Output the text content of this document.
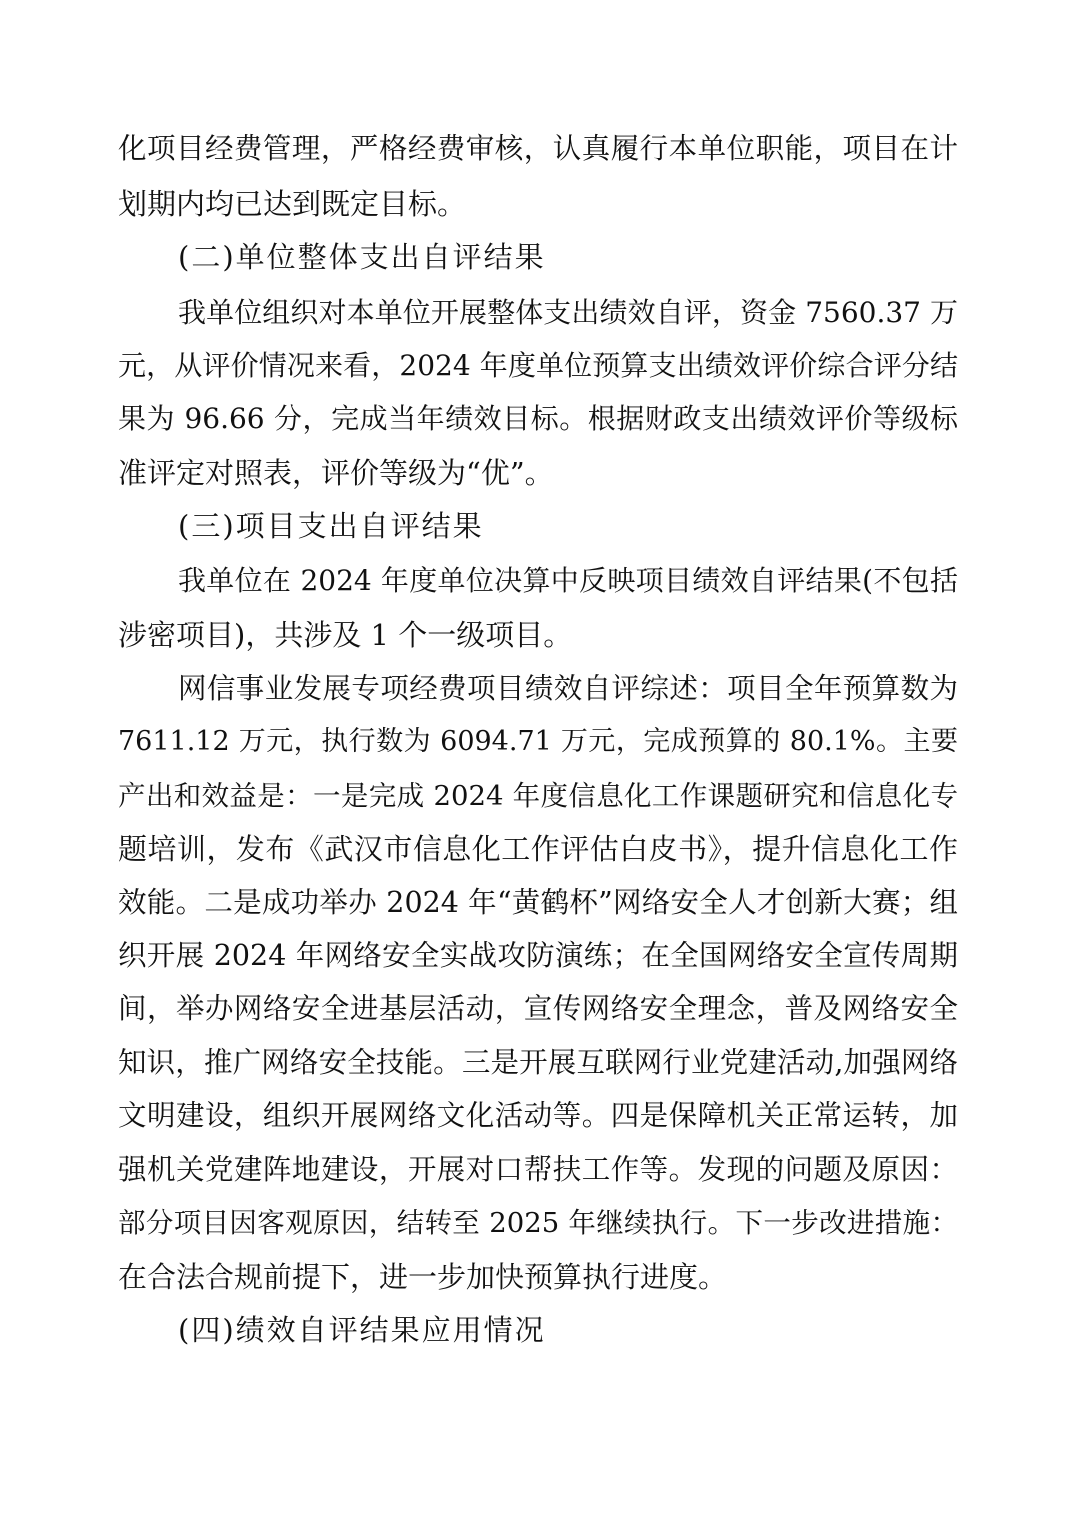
化项目经费管理，严格经费审核，认真履行本单位职能，项目在计
划期内均已达到既定目标。
(二)单位整体支出自评结果
我单位组织对本单位开展整体支出绩效自评，资金 7560.37 万
元，从评价情况来看，2024 年度单位预算支出绩效评价综合评分结
果为 96.66 分，完成当年绩效目标。根据财政支出绩效评价等级标
准评定对照表，评价等级为“优”。
(三)项目支出自评结果
我单位在 2024 年度单位决算中反映项目绩效自评结果(不包括
涉密项目)，共涉及 1 个一级项目。
网信事业发展专项经费项目绩效自评综述：项目全年预算数为
7611.12 万元，执行数为 6094.71 万元，完成预算的 80.1%。主要
产出和效益是：一是完成 2024 年度信息化工作课题研究和信息化专
题培训，发布《武汉市信息化工作评估白皮书》，提升信息化工作
效能。二是成功举办 2024 年“黄鹤杯”网络安全人才创新大赛；组
织开展 2024 年网络安全实战攻防演练；在全国网络安全宣传周期
间，举办网络安全进基层活动，宣传网络安全理念，普及网络安全
知识，推广网络安全技能。三是开展互联网行业党建活动,加强网络
文明建设，组织开展网络文化活动等。四是保障机关正常运转，加
强机关党建阵地建设，开展对口帮扶工作等。发现的问题及原因：
部分项目因客观原因，结转至 2025 年继续执行。下一步改进措施：
在合法合规前提下，进一步加快预算执行进度。
(四)绩效自评结果应用情况
